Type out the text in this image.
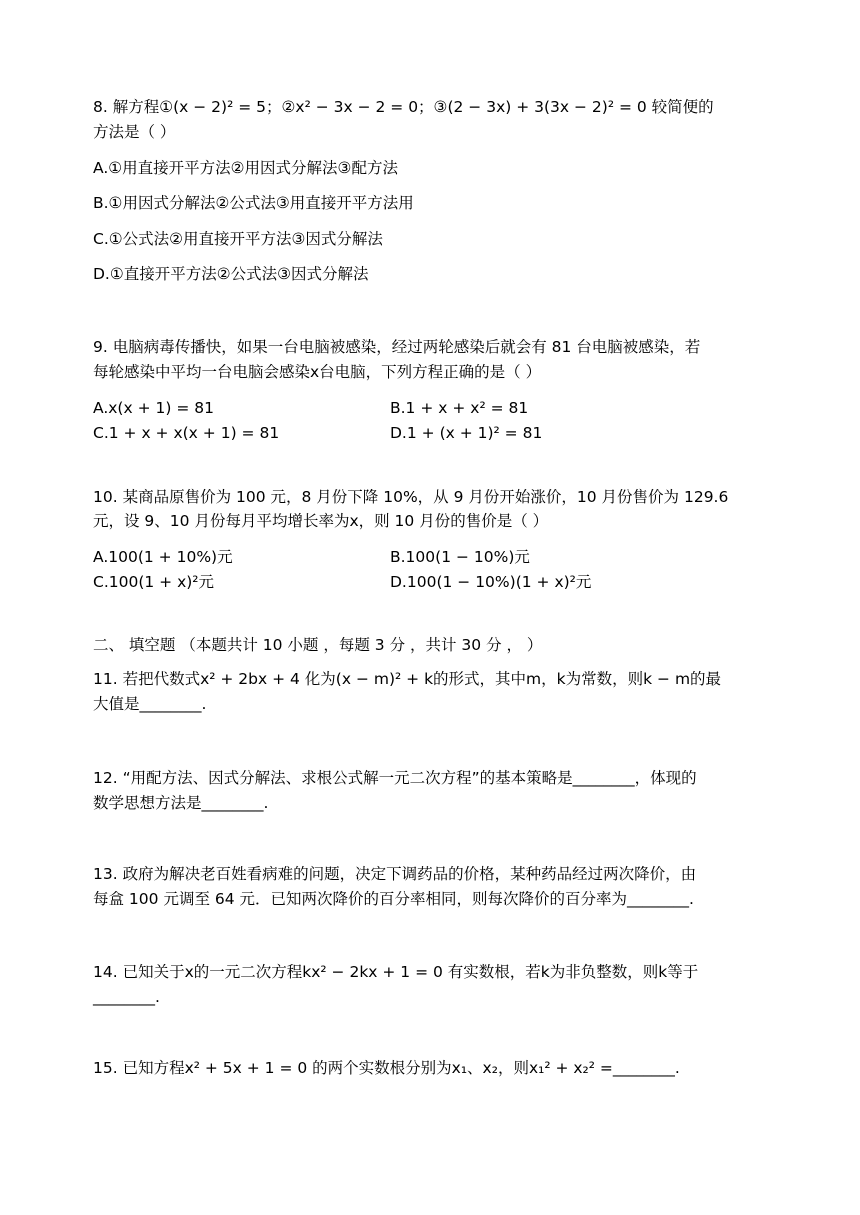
8. 解方程①(x − 2)² = 5；②x² − 3x − 2 = 0；③(2 − 3x) + 3(3x − 2)² = 0 较简便的
方法是（ ）
A.①用直接开平方法②用因式分解法③配方法
B.①用因式分解法②公式法③用直接开平方法用
C.①公式法②用直接开平方法③因式分解法
D.①直接开平方法②公式法③因式分解法
9. 电脑病毒传播快，如果一台电脑被感染，经过两轮感染后就会有 81 台电脑被感染，若
每轮感染中平均一台电脑会感染x台电脑，下列方程正确的是（ ）
A.x(x + 1) = 81	B.1 + x + x² = 81
C.1 + x + x(x + 1) = 81	D.1 + (x + 1)² = 81
10. 某商品原售价为 100 元，8 月份下降 10%，从 9 月份开始涨价，10 月份售价为 129.6
元，设 9、10 月份每月平均增长率为x，则 10 月份的售价是（ ）
A.100(1 + 10%)元	B.100(1 − 10%)元
C.100(1 + x)²元	D.100(1 − 10%)(1 + x)²元
二、 填空题 （本题共计 10 小题 ，每题 3 分 ，共计 30 分 ， ）
11. 若把代数式x² + 2bx + 4 化为(x − m)² + k的形式，其中m，k为常数，则k − m的最
大值是________.
12. “用配方法、因式分解法、求根公式解一元二次方程”的基本策略是________，体现的
数学思想方法是________.
13. 政府为解决老百姓看病难的问题，决定下调药品的价格，某种药品经过两次降价，由
每盒 100 元调至 64 元．已知两次降价的百分率相同，则每次降价的百分率为________.
14. 已知关于x的一元二次方程kx² − 2kx + 1 = 0 有实数根，若k为非负整数，则k等于
________.
15. 已知方程x² + 5x + 1 = 0 的两个实数根分别为x₁、x₂，则x₁² + x₂² =________.
